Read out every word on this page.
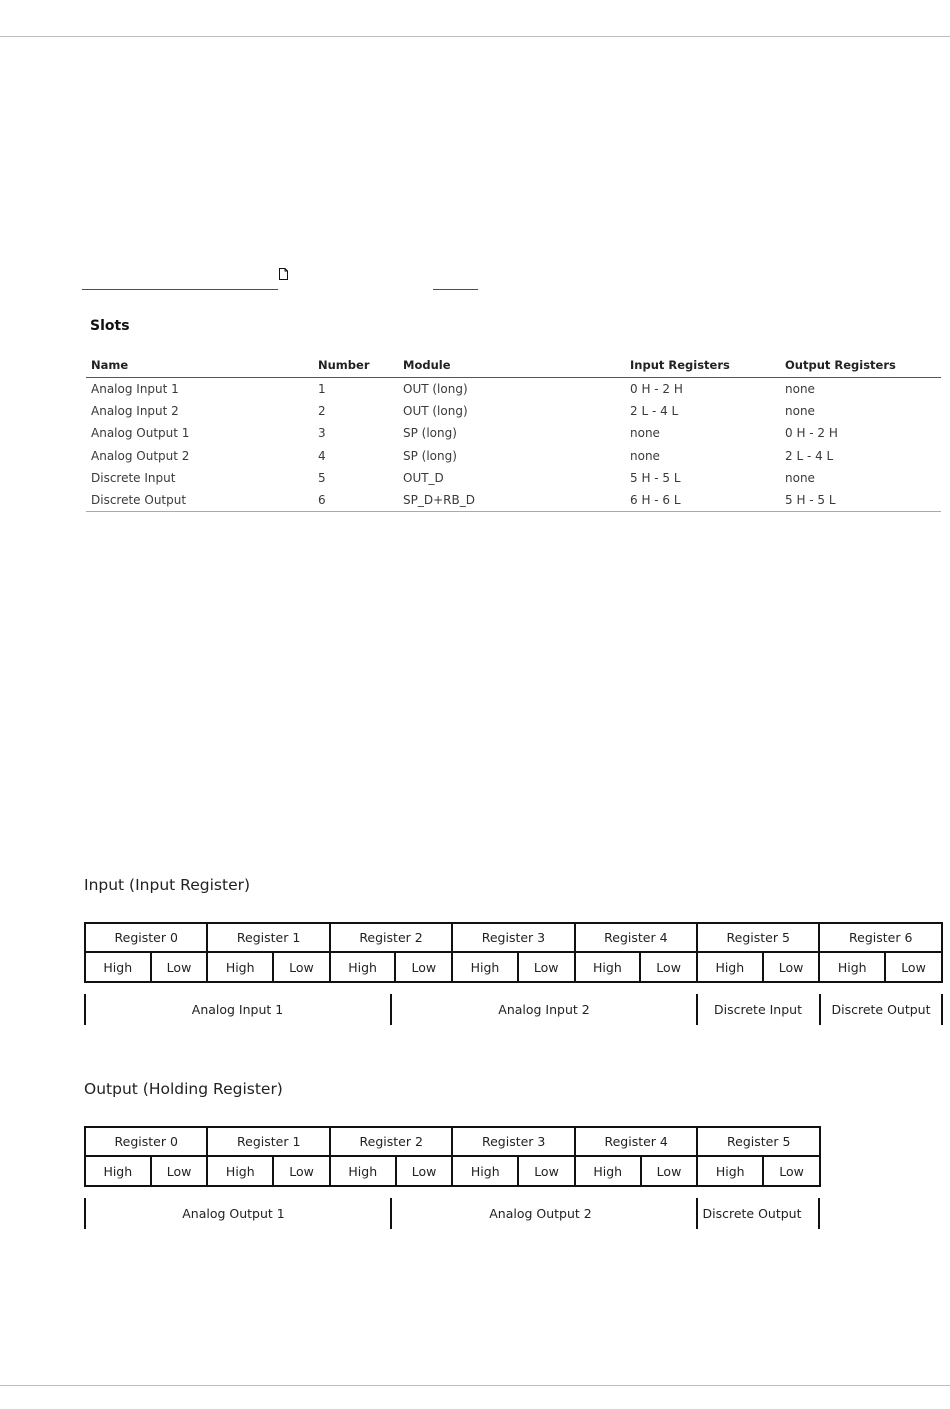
Slots
Name	Number	Module	Input Registers	Output Registers
Analog Input 1	1	OUT (long)	0 H - 2 H	none
Analog Input 2	2	OUT (long)	2 L - 4 L	none
Analog Output 1	3	SP (long)	none	0 H - 2 H
Analog Output 2	4	SP (long)	none	2 L - 4 L
Discrete Input	5	OUT_D	5 H - 5 L	none
Discrete Output	6	SP_D+RB_D	6 H - 6 L	5 H - 5 L
Input (Input Register)
Register 0		Register 1		Register 2		Register 3		Register 4		Register 5		Register 6	
High	Low	High	Low	High	Low	High	Low	High	Low	High	Low	High	Low
Analog Input 1	Analog Input 2	Discrete Input	Discrete Output
Output (Holding Register)
Register 0		Register 1		Register 2		Register 3		Register 4		Register 5	
High	Low	High	Low	High	Low	High	Low	High	Low	High	Low
Analog Output 1	Analog Output 2	Discrete Output
